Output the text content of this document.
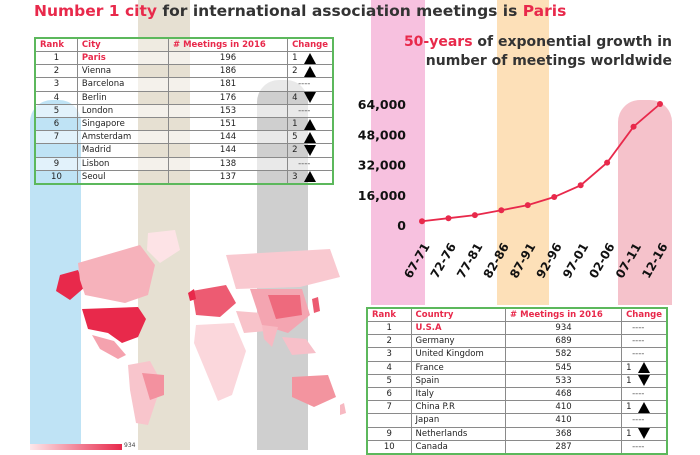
Number 1 city for international association meetings is Paris
Rank	City	# Meetings in 2016	Change
1	Paris	196	1

2	Vienna	186	2

3	Barcelona	181	----

4	Berlin	176	4

5	London	153	----

6	Singapore	151	1

7	Amsterdam	144	5

	Madrid	144	2

9	Lisbon	138	----

10	Seoul	137	3
Rank	Country	# Meetings in 2016	Change
1	U.S.A	934	----

2	Germany	689	----

3	United Kingdom	582	----

4	France	545	1

5	Spain	533	1

6	Italy	468	----

7	China P.R	410	1

	Japan	410	----

9	Netherlands	368	1

10	Canada	287	----
50-years of exponential growth in
number of meetings worldwide
0
16,000
32,000
48,000
64,000
67-71
72-76
77-81
82-86
87-91
92-96
97-01
02-06
07-11
12-16
934
